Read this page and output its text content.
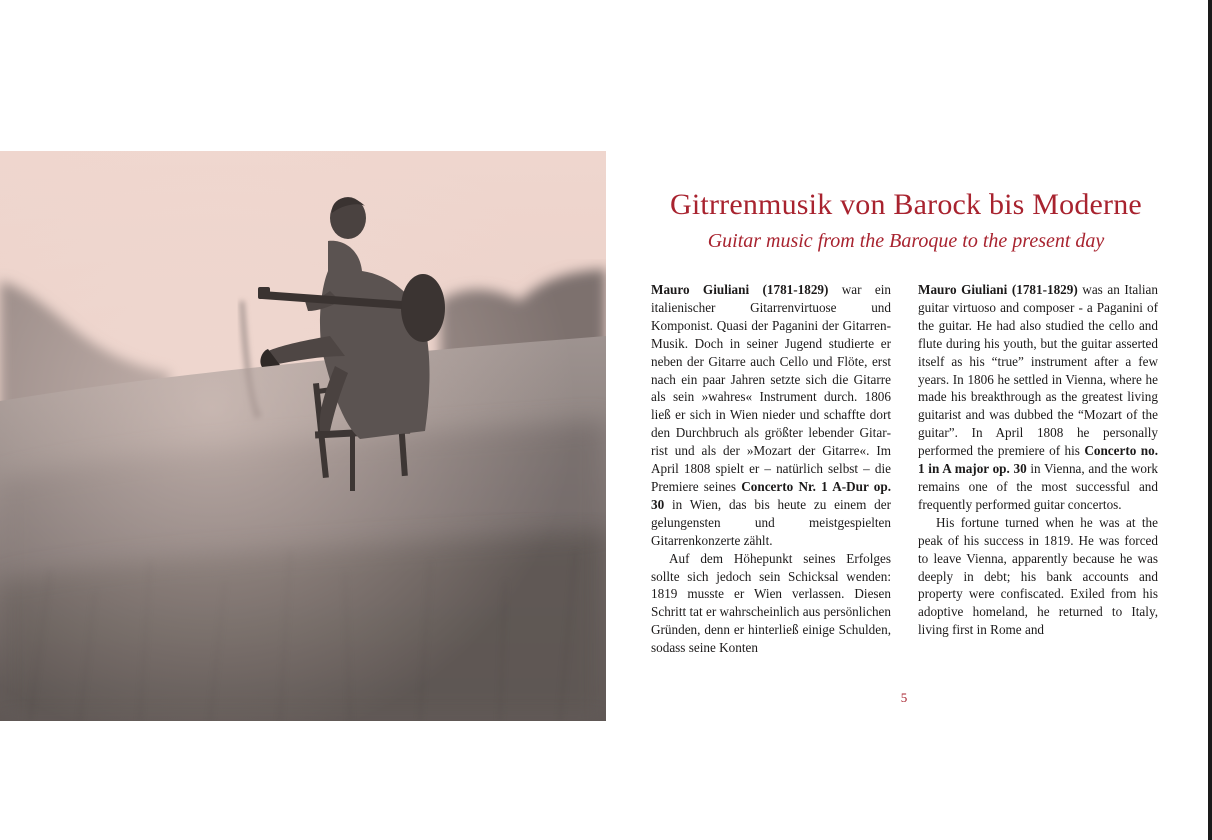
Gitrrenmusik von Barock bis Moderne
Guitar music from the Baroque to the present day

Mauro Giuliani (1781-1829) war ein italienischer Gitarrenvirtuose und Komponist. Quasi der Paganini der Gitarren-Musik. Doch in seiner Jugend studierte er neben der Gitarre auch Cello und Flöte, erst nach ein paar Jahren setzte sich die Gitarre als sein »wahres« Instrument durch. 1806 ließ er sich in Wien nieder und schaffte dort den Durchbruch als größter lebender Gitarrist und als der »Mozart der Gitarre«. Im April 1808 spielt er – natürlich selbst – die Premiere seines Concerto Nr. 1 A-Dur op. 30 in Wien, das bis heute zu einem der gelungensten und meistgespielten Gitarrenkonzerte zählt.

Auf dem Höhepunkt seines Erfolges sollte sich jedoch sein Schicksal wenden: 1819 musste er Wien verlassen. Diesen Schritt tat er wahrscheinlich aus persönlichen Gründen, denn er hinterließ einige Schulden, sodass seine Konten

Mauro Giuliani (1781-1829) was an Italian guitar virtuoso and composer - a Paganini of the guitar. He had also studied the cello and flute during his youth, but the guitar asserted itself as his “true” instrument after a few years. In 1806 he settled in Vienna, where he made his breakthrough as the greatest living guitarist and was dubbed the “Mozart of the guitar”. In April 1808 he personally performed the premiere of his Concerto no. 1 in A major op. 30 in Vienna, and the work remains one of the most successful and frequently performed guitar concertos.

His fortune turned when he was at the peak of his success in 1819. He was forced to leave Vienna, apparently because he was deeply in debt; his bank accounts and property were confiscated. Exiled from his adoptive homeland, he returned to Italy, living first in Rome and

5
